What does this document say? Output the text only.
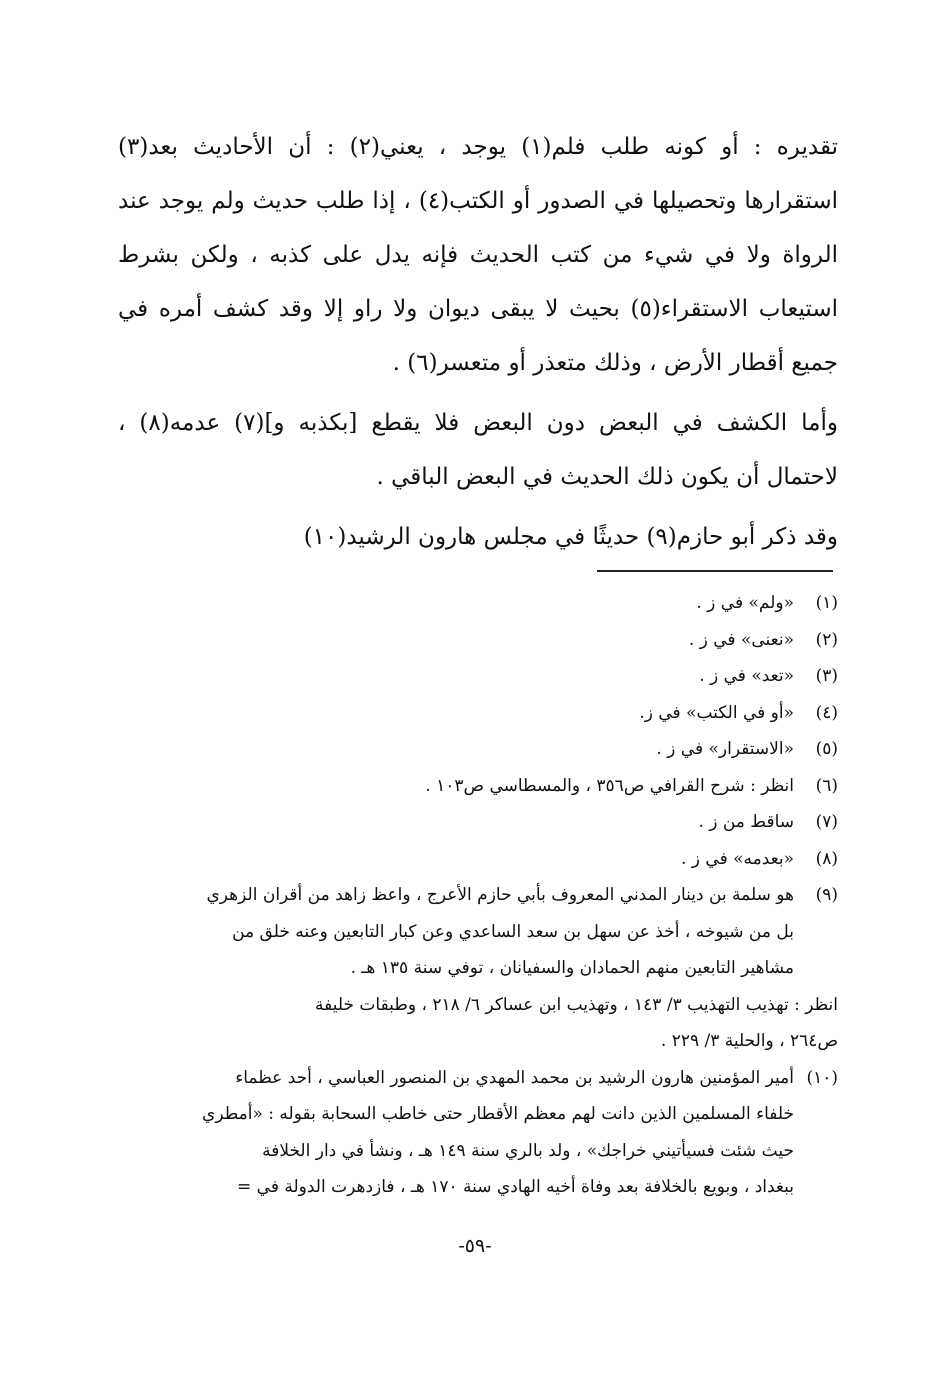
تقديره : أو كونه طلب فلم(١) يوجد ، يعني(٢) : أن الأحاديث بعد(٣) استقرارها وتحصيلها في الصدور أو الكتب(٤) ، إذا طلب حديث ولم يوجد عند الرواة ولا في شيء من كتب الحديث فإنه يدل على كذبه ، ولكن بشرط استيعاب الاستقراء(٥) بحيث لا يبقى ديوان ولا راو إلا وقد كشف أمره في جميع أقطار الأرض ، وذلك متعذر أو متعسر(٦) .

وأما الكشف في البعض دون البعض فلا يقطع [بكذبه و](٧) عدمه(٨) ، لاحتمال أن يكون ذلك الحديث في البعض الباقي .

وقد ذكر أبو حازم(٩) حديثًا في مجلس هارون الرشيد(١٠)

(١)
«ولم» في ز .
(٢)
«نعنى» في ز .
(٣)
«تعد» في ز .
(٤)
«أو في الكتب» في ز.
(٥)
«الاستقرار» في ز .
(٦)
انظر : شرح القرافي ص٣٥٦ ، والمسطاسي ص١٠٣ .
(٧)
ساقط من ز .
(٨)
«بعدمه» في ز .
(٩)
هو سلمة بن دينار المدني المعروف بأبي حازم الأعرج ، واعظ زاهد من أقران الزهري
بل من شيوخه ، أخذ عن سهل بن سعد الساعدي وعن كبار التابعين وعنه خلق من
مشاهير التابعين منهم الحمادان والسفيانان ، توفي سنة ١٣٥ هـ .
انظر : تهذيب التهذيب ٣/ ١٤٣ ، وتهذيب ابن عساكر ٦/ ٢١٨ ، وطبقات خليفة
ص٢٦٤ ، والحلية ٣/ ٢٢٩ .
(١٠)
أمير المؤمنين هارون الرشيد بن محمد المهدي بن المنصور العباسي ، أحد عظماء
خلفاء المسلمين الذين دانت لهم معظم الأقطار حتى خاطب السحابة بقوله : «أمطري
حيث شئت فسيأتيني خراجك» ، ولد بالري سنة ١٤٩ هـ ، ونشأ في دار الخلافة
ببغداد ، وبويع بالخلافة بعد وفاة أخيه الهادي سنة ١٧٠ هـ ، فازدهرت الدولة في =
-٥٩-
